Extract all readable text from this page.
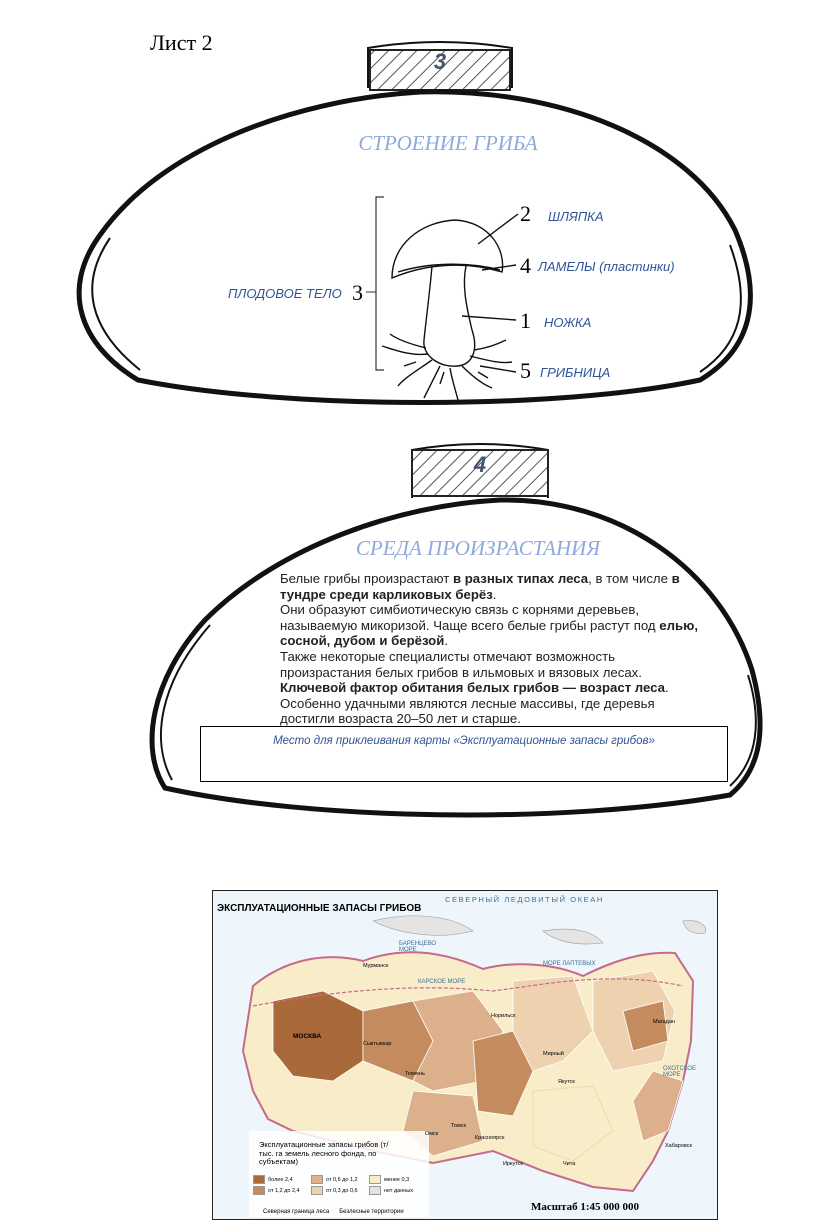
Лист 2
3
СТРОЕНИЕ ГРИБА
ПЛОДОВОЕ ТЕЛО 3
2 ШЛЯПКА
4 ЛАМЕЛЫ (пластинки)
1 НОЖКА
5 ГРИБНИЦА
4
СРЕДА ПРОИЗРАСТАНИЯ

Белые грибы произрастают в разных типах леса, в том числе в тундре среди карликовых берёз.

Они образуют симбиотическую связь с корнями деревьев, называемую микоризой. Чаще всего белые грибы растут под елью, сосной, дубом и берёзой.

Также некоторые специалисты отмечают возможность произрастания белых грибов в ильмовых и вязовых лесах.

Ключевой фактор обитания белых грибов — возраст леса.

Особенно удачными являются лесные массивы, где деревья достигли возраста 20–50 лет и старше.

Место для приклеивания карты «Эксплуатационные запасы грибов»
ЭКСПЛУАТАЦИОННЫЕ ЗАПАСЫ ГРИБОВ
СЕВЕРНЫЙ ЛЕДОВИТЫЙ ОКЕАН
МОСКВА
Мурманск
Сыктывкар
Якутск
Магадан
Норильск
Тюмень
Томск
Иркутск
Хабаровск
Красноярск
Омск
Чита
Мирный
БАРЕНЦЕВО МОРЕ
КАРСКОЕ МОРЕ
МОРЕ ЛАПТЕВЫХ
ОХОТСКОЕ МОРЕ
Эксплуатационные запасы грибов (т/тыс. га земель лесного фонда, по субъектам)
более 2,4	от 0,6 до 1,2	менее 0,3
от 1,2 до 2,4	от 0,3 до 0,6	нет данных
Северная граница леса Безлесные территории	Масштаб 1:45 000 000
